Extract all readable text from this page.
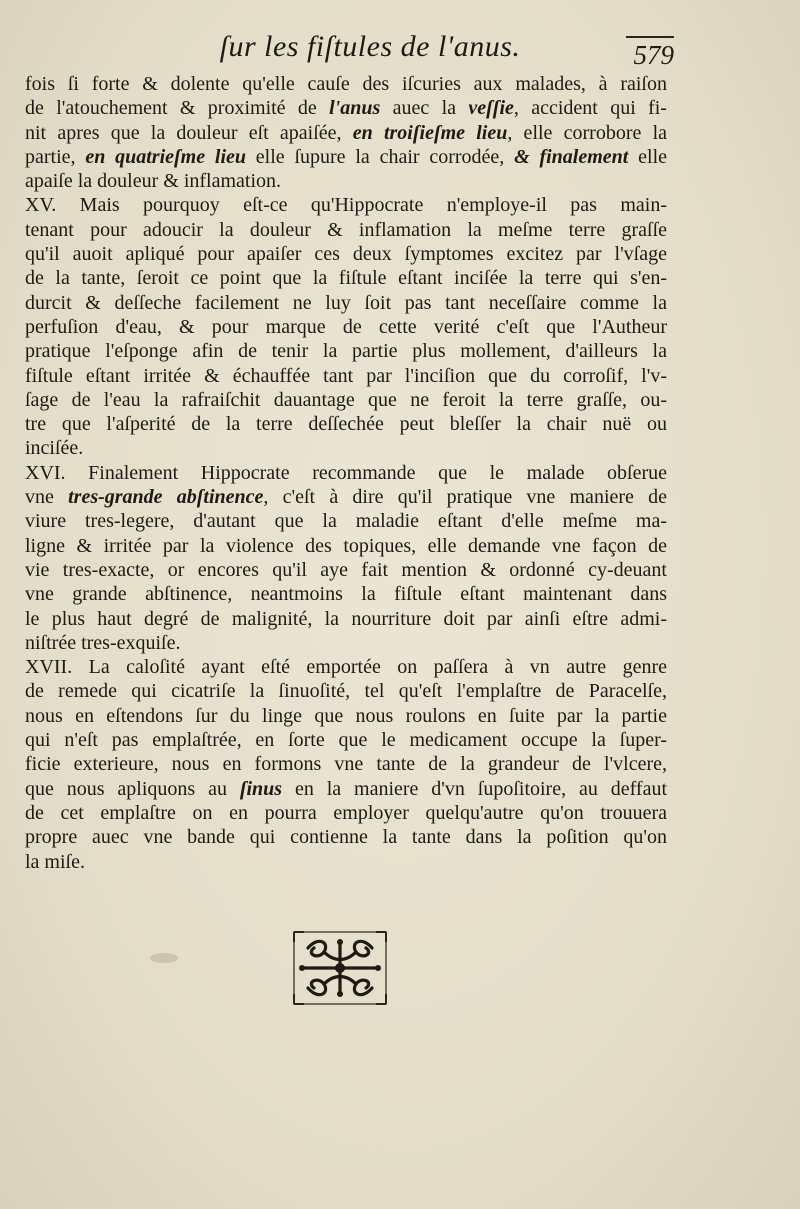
ſur les fiſtules de l'anus.	579
fois ſi forte & dolente qu'elle cauſe des iſcuries aux malades, à raiſon
de l'atouchement & proximité de l'anus auec la veſſie, accident qui fi-
nit apres que la douleur eſt apaiſée, en troiſieſme lieu, elle corrobore la
partie, en quatrieſme lieu elle ſupure la chair corrodée, & finalement elle
apaiſe la douleur & inflamation.
XV. Mais pourquoy eſt-ce qu'Hippocrate n'employe-il pas main-
tenant pour adoucir la douleur & inflamation la meſme terre graſſe
qu'il auoit apliqué pour apaiſer ces deux ſymptomes excitez par l'vſage
de la tante, ſeroit ce point que la fiſtule eſtant inciſée la terre qui s'en-
durcit & deſſeche facilement ne luy ſoit pas tant neceſſaire comme la
perfuſion d'eau, & pour marque de cette verité c'eſt que l'Autheur
pratique l'eſponge afin de tenir la partie plus mollement, d'ailleurs la
fiſtule eſtant irritée & échauffée tant par l'inciſion que du corroſif, l'v-
ſage de l'eau la rafraiſchit dauantage que ne feroit la terre graſſe, ou-
tre que l'aſperité de la terre deſſechée peut bleſſer la chair nuë ou
inciſée.
XVI. Finalement Hippocrate recommande que le malade obſerue
vne tres-grande abſtinence, c'eſt à dire qu'il pratique vne maniere de
viure tres-legere, d'autant que la maladie eſtant d'elle meſme ma-
ligne & irritée par la violence des topiques, elle demande vne façon de
vie tres-exacte, or encores qu'il aye fait mention & ordonné cy-deuant
vne grande abſtinence, neantmoins la fiſtule eſtant maintenant dans
le plus haut degré de malignité, la nourriture doit par ainſi eſtre admi-
niſtrée tres-exquiſe.
XVII. La caloſité ayant eſté emportée on paſſera à vn autre genre
de remede qui cicatriſe la ſinuoſité, tel qu'eſt l'emplaſtre de Paracelſe,
nous en eſtendons ſur du linge que nous roulons en ſuite par la partie
qui n'eſt pas emplaſtrée, en ſorte que le medicament occupe la ſuper-
ficie exterieure, nous en formons vne tante de la grandeur de l'vlcere,
que nous apliquons au ſinus en la maniere d'vn ſupoſitoire, au deffaut
de cet emplaſtre on en pourra employer quelqu'autre qu'on trouuera
propre auec vne bande qui contienne la tante dans la poſition qu'on
la miſe.
